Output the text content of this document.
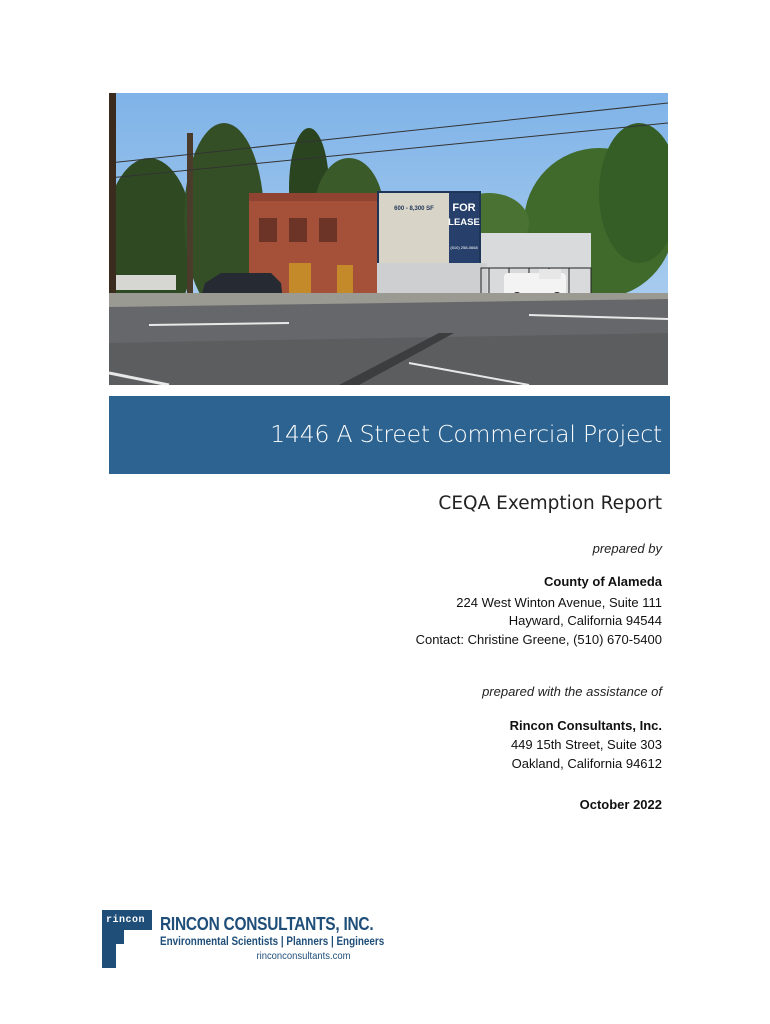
FOR
LEASE
(510) 258-0668
600 - 8,300 SF
1446 A Street Commercial Project
CEQA Exemption Report
prepared by
County of Alameda
224 West Winton Avenue, Suite 111
Hayward, California 94544
Contact: Christine Greene, (510) 670-5400
prepared with the assistance of
Rincon Consultants, Inc.
449 15th Street, Suite 303
Oakland, California 94612
October 2022
rincon RINCON CONSULTANTS, INC.
Environmental Scientists | Planners | Engineers
rinconconsultants.com
